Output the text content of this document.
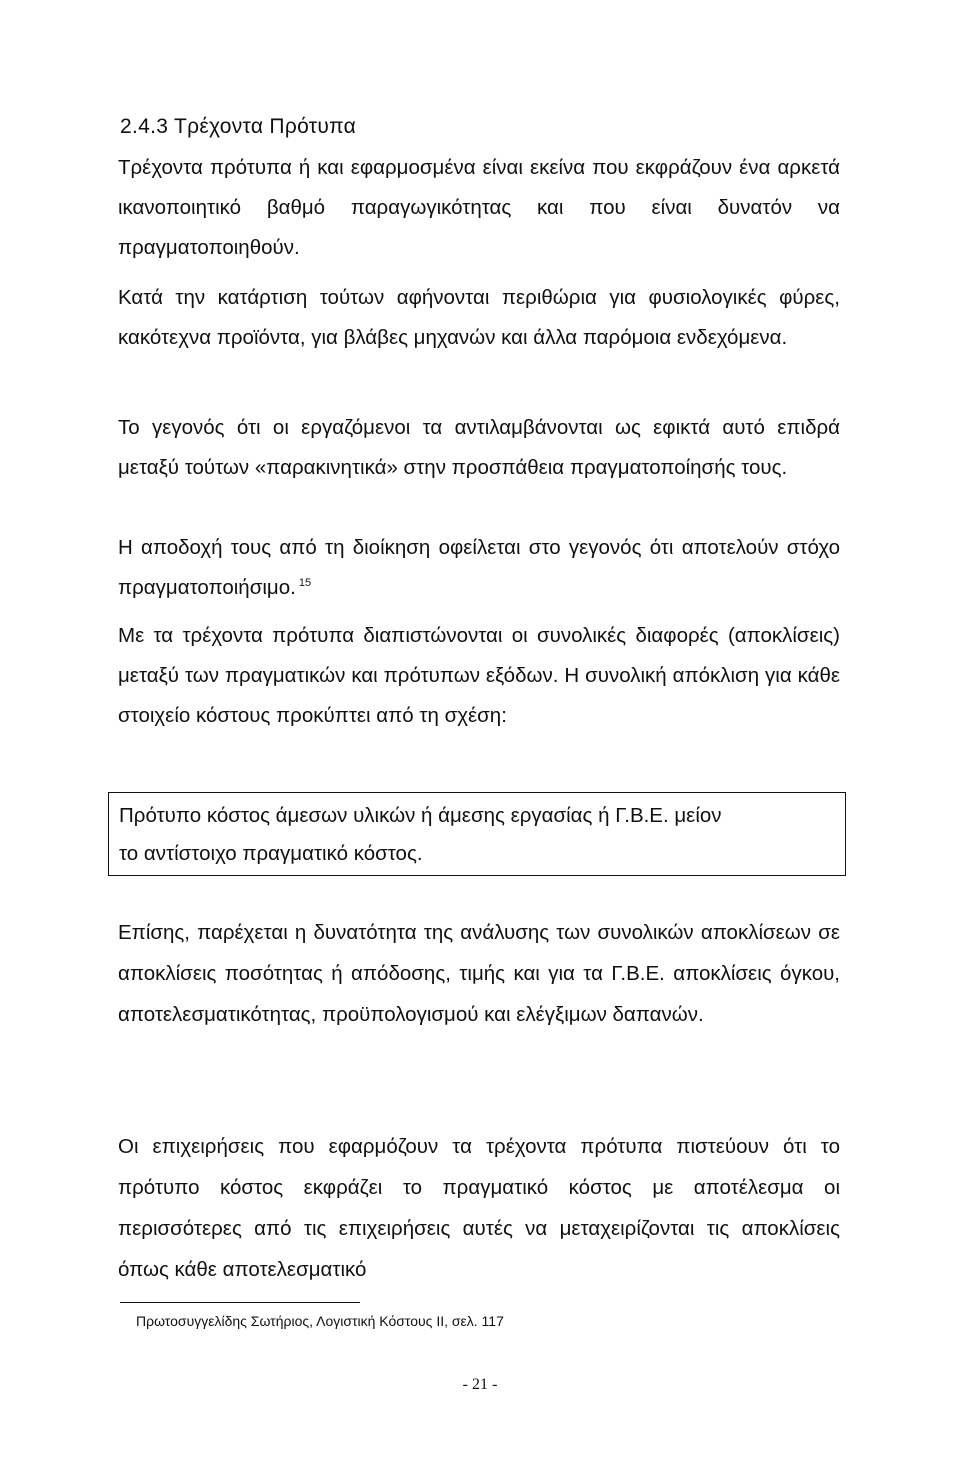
2.4.3 Τρέχοντα Πρότυπα

Τρέχοντα πρότυπα ή και εφαρμοσμένα είναι εκείνα που εκφράζουν ένα αρκετά ικανοποιητικό βαθμό παραγωγικότητας και που είναι δυνατόν να πραγματοποιηθούν.

Κατά την κατάρτιση τούτων αφήνονται περιθώρια για φυσιολογικές φύρες, κακότεχνα προϊόντα, για βλάβες μηχανών και άλλα παρόμοια ενδεχόμενα.

Το γεγονός ότι οι εργαζόμενοι τα αντιλαμβάνονται ως εφικτά αυτό επιδρά μεταξύ τούτων «παρακινητικά» στην προσπάθεια πραγματοποίησής τους.

Η αποδοχή τους από τη διοίκηση οφείλεται στο γεγονός ότι αποτελούν στόχο πραγματοποιήσιμο. $^{15}$

Με τα τρέχοντα πρότυπα διαπιστώνονται οι συνολικές διαφορές (αποκλίσεις) μεταξύ των πραγματικών και πρότυπων εξόδων. Η συνολική απόκλιση για κάθε στοιχείο κόστους προκύπτει από τη σχέση:

Πρότυπο κόστος άμεσων υλικών ή άμεσης εργασίας ή Γ.Β.Ε. μείον

το αντίστοιχο πραγματικό κόστος.

Επίσης, παρέχεται η δυνατότητα της ανάλυσης των συνολικών αποκλίσεων σε αποκλίσεις ποσότητας ή απόδοσης, τιμής και για τα Γ.Β.Ε. αποκλίσεις όγκου, αποτελεσματικότητας, προϋπολογισμού και ελέγξιμων δαπανών.

Οι επιχειρήσεις που εφαρμόζουν τα τρέχοντα πρότυπα πιστεύουν ότι το πρότυπο κόστος εκφράζει το πραγματικό κόστος με αποτέλεσμα οι περισσότερες από τις επιχειρήσεις αυτές να μεταχειρίζονται τις αποκλίσεις όπως κάθε αποτελεσματικό

Πρωτοσυγγελίδης Σωτήριος, Λογιστική Κόστους ΙΙ, σελ. 117
- 21 -
